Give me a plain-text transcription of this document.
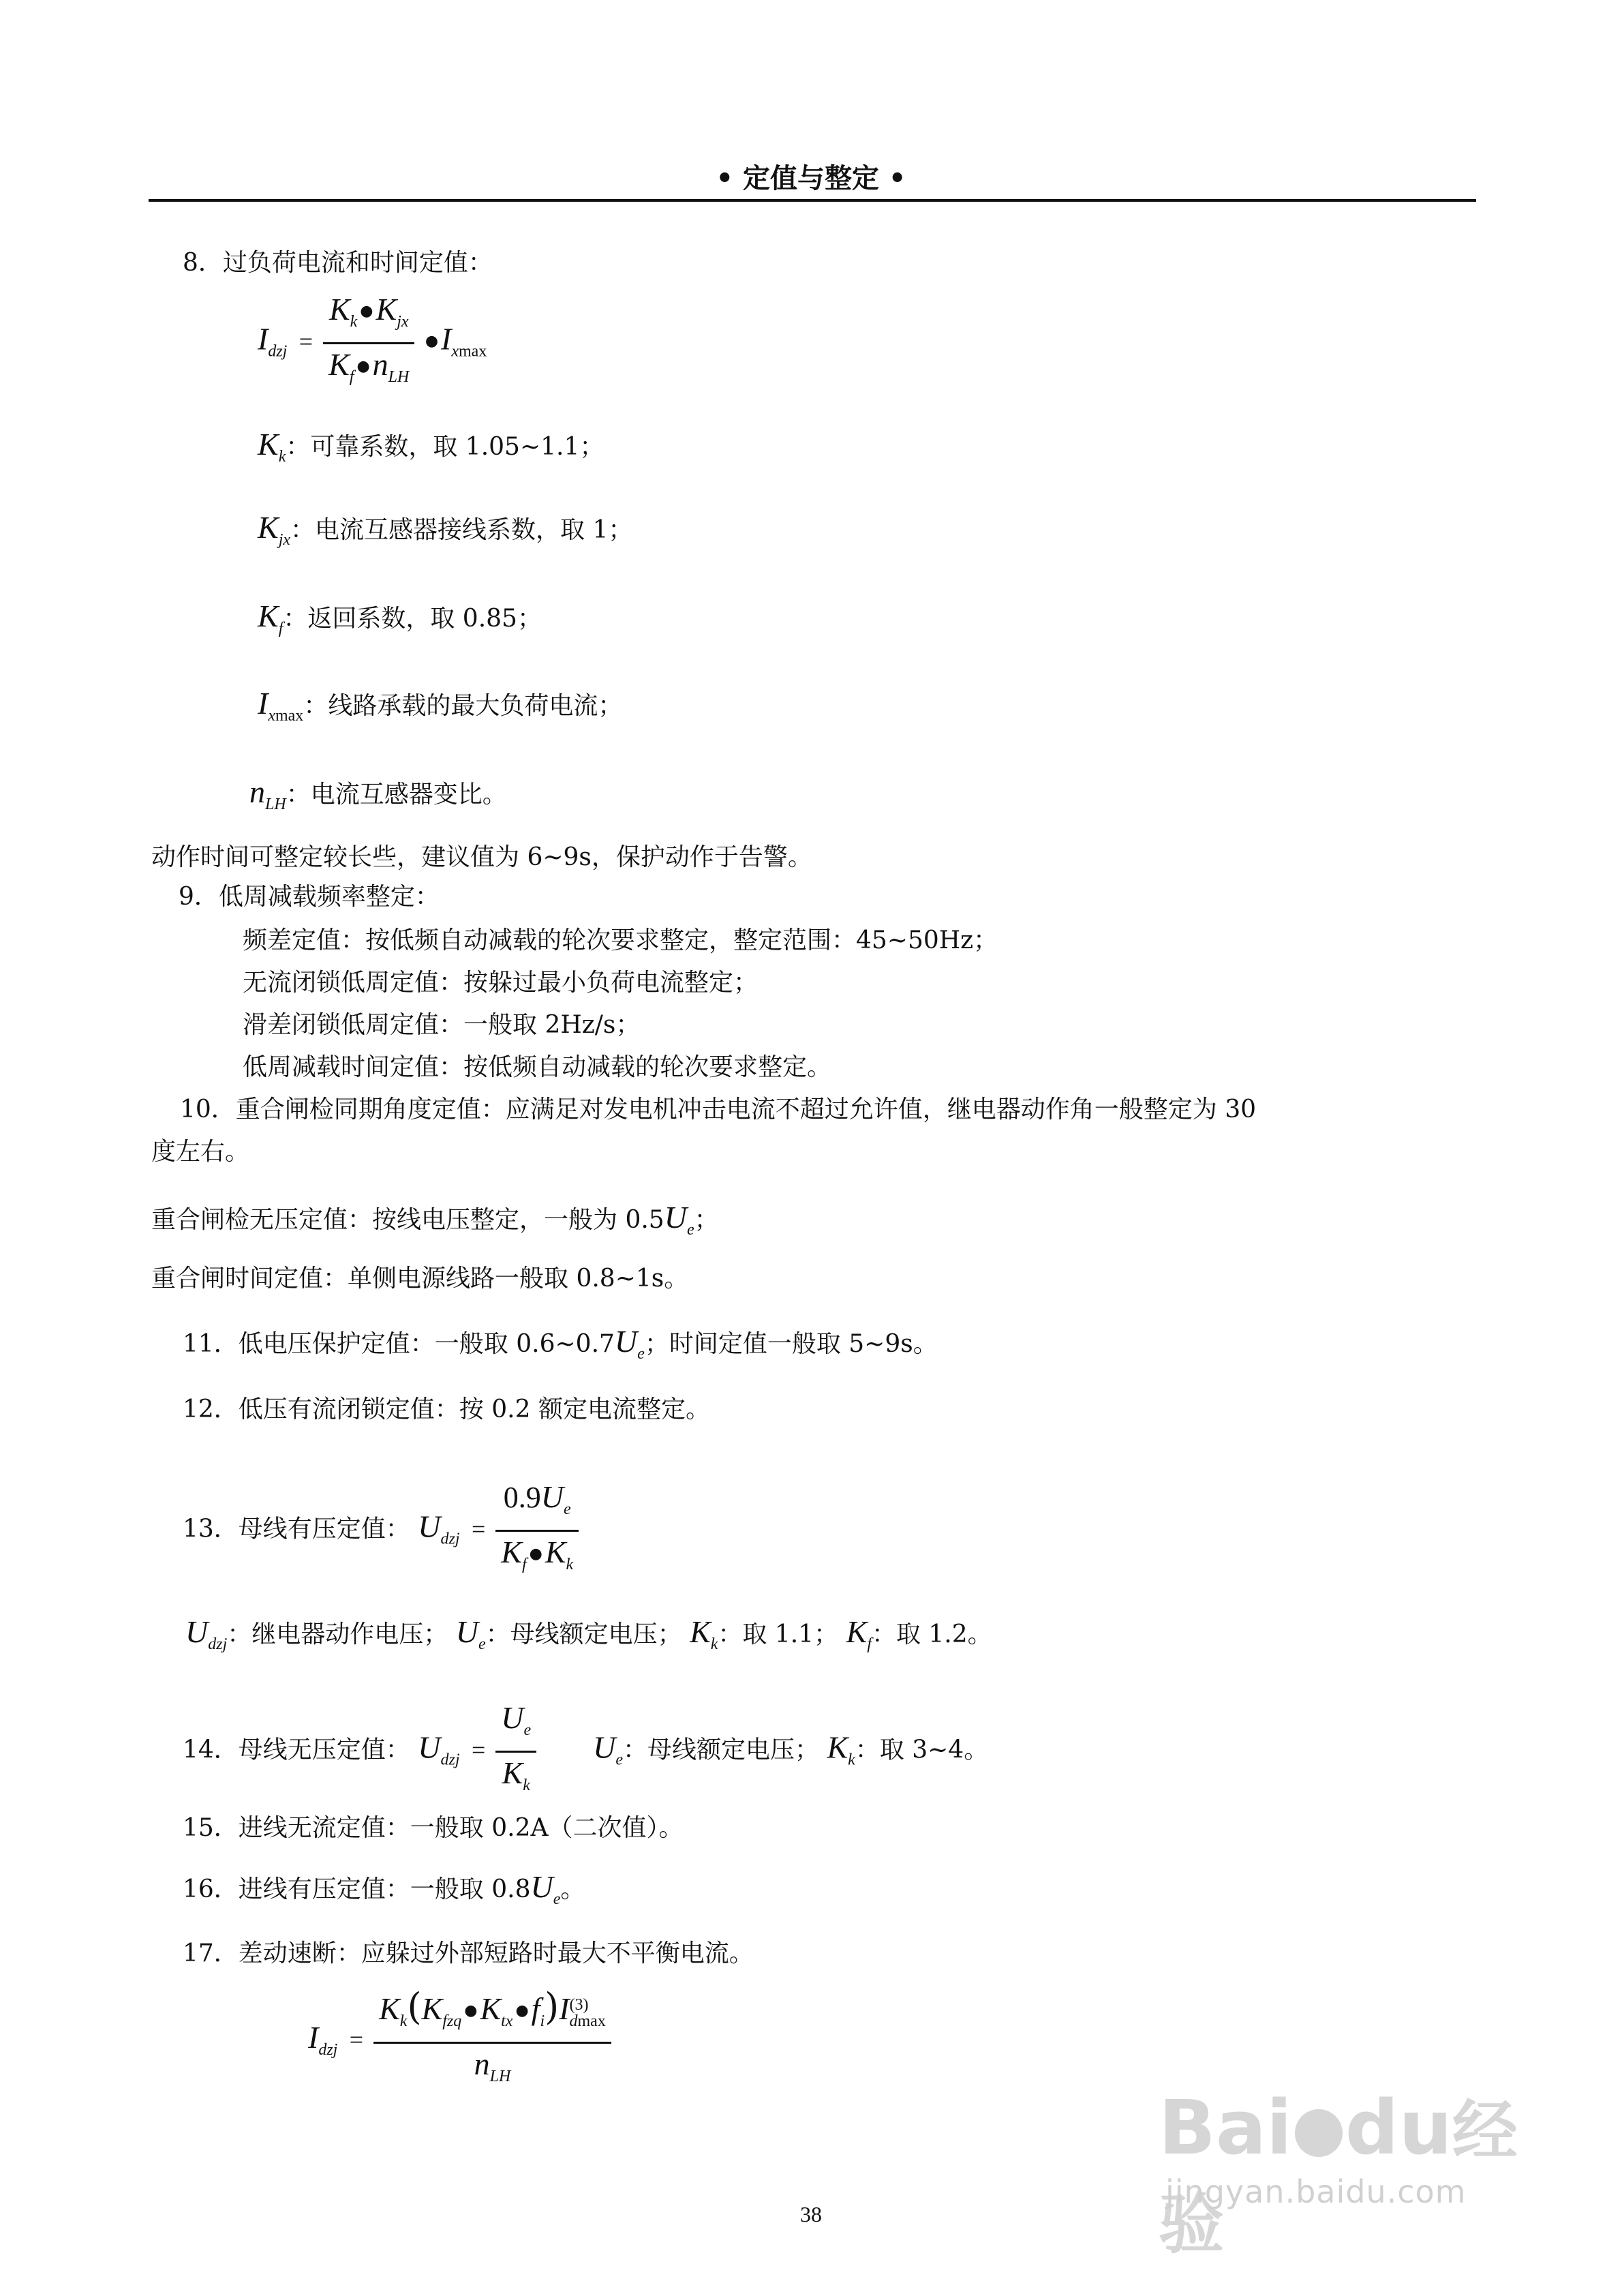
• 定值与整定 •
8．过负荷电流和时间定值：
$I_{dzj} = \frac{K_k●K_{jx}}{K_f●n_{LH}}$ $●I_{xmax}$
$K_k$：可靠系数，取 1.05~1.1；
$K_{jx}$：电流互感器接线系数，取 1；
$K_f$：返回系数，取 0.85；
$I_{xmax}$：线路承载的最大负荷电流；
$n_{LH}$：电流互感器变比。
动作时间可整定较长些，建议值为 6~9s，保护动作于告警。
9．低周减载频率整定：
频差定值：按低频自动减载的轮次要求整定，整定范围：45~50Hz；
无流闭锁低周定值：按躲过最小负荷电流整定；
滑差闭锁低周定值：一般取 2Hz/s；
低周减载时间定值：按低频自动减载的轮次要求整定。
10．重合闸检同期角度定值：应满足对发电机冲击电流不超过允许值，继电器动作角一般整定为 30
度左右。
重合闸检无压定值：按线电压整定，一般为 $0.5U_e$；
重合闸时间定值：单侧电源线路一般取 0.8~1s。
11．低电压保护定值：一般取 $0.6\sim 0.7U_e$；时间定值一般取 5~9s。
12．低压有流闭锁定值：按 0.2 额定电流整定。
13．母线有压定值： $U_{dzj} = \frac{0.9U_e}{K_f●K_k}$
$U_{dzj}$：继电器动作电压； $U_e$：母线额定电压； $K_k$：取 1.1； $K_f$：取 1.2。
14．母线无压定值： $U_{dzj} = \frac{U_e}{K_k} U_e$：母线额定电压； $K_k$：取 3~4。
15．进线无流定值：一般取 0.2A（二次值）。
16．进线有压定值：一般取 $0.8U_e$。
17．差动速断：应躲过外部短路时最大不平衡电流。
$I_{dzj}$ = $K_k(K_{fzq}●K_{tx}●f_i)I$ (3)
dmax
$n_{LH}$
38
Bai du经验
jingyan.baidu.com
